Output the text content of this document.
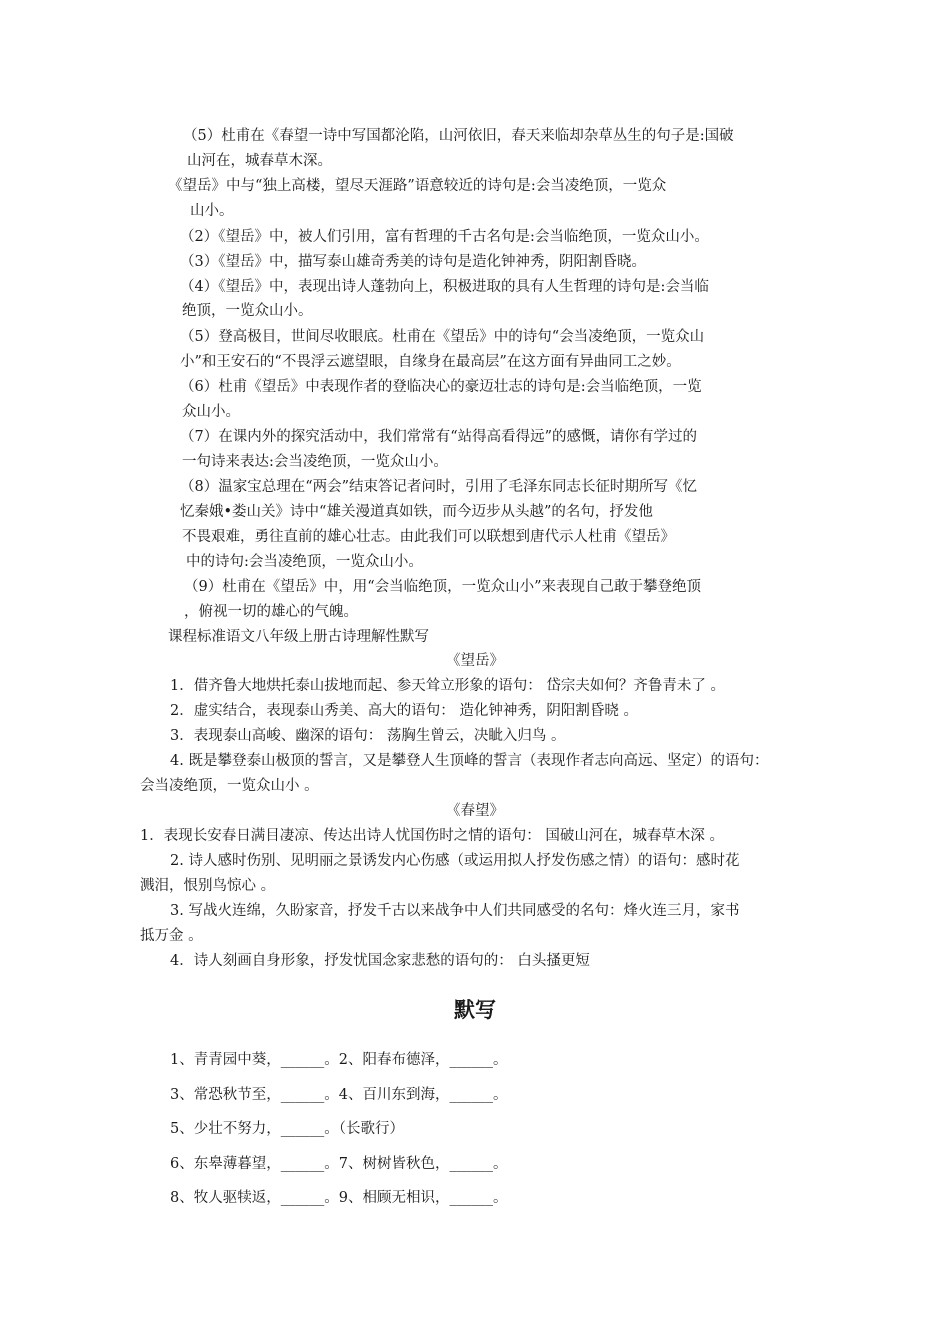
（5）杜甫在《春望一诗中写国都沦陷，山河依旧，春天来临却杂草丛生的句子是:国破
山河在，城春草木深。
《望岳》中与“独上高楼，望尽天涯路”语意较近的诗句是:会当凌绝顶，一览众
山小。
（2）《望岳》中，被人们引用，富有哲理的千古名句是:会当临绝顶，一览众山小。
（3）《望岳》中，描写泰山雄奇秀美的诗句是造化钟神秀，阴阳割昏晓。
（4）《望岳》中，表现出诗人蓬勃向上，积极进取的具有人生哲理的诗句是:会当临
绝顶，一览众山小。
（5）登高极目，世间尽收眼底。杜甫在《望岳》中的诗句“会当凌绝顶，一览众山
小”和王安石的“不畏浮云遮望眼，自缘身在最高层”在这方面有异曲同工之妙。
（6）杜甫《望岳》中表现作者的登临决心的豪迈壮志的诗句是:会当临绝顶，一览
众山小。
（7）在课内外的探究活动中，我们常常有“站得高看得远”的感慨，请你有学过的
一句诗来表达:会当凌绝顶，一览众山小。
（8）温家宝总理在“两会”结束答记者问时，引用了毛泽东同志长征时期所写《忆
忆秦娥•娄山关》诗中“雄关漫道真如铁，而今迈步从头越”的名句，抒发他
不畏艰难，勇往直前的雄心壮志。由此我们可以联想到唐代示人杜甫《望岳》
中的诗句:会当凌绝顶，一览众山小。
（9）杜甫在《望岳》中，用“会当临绝顶，一览众山小”来表现自己敢于攀登绝顶
，俯视一切的雄心的气魄。
课程标准语文八年级上册古诗理解性默写
《望岳》
1．借齐鲁大地烘托泰山拔地而起、参天耸立形象的语句： 岱宗夫如何？齐鲁青未了 。
2．虚实结合，表现泰山秀美、高大的语句： 造化钟神秀，阴阳割昏晓 。
3．表现泰山高峻、幽深的语句： 荡胸生曾云，决眦入归鸟 。
4. 既是攀登泰山极顶的誓言，又是攀登人生顶峰的誓言（表现作者志向高远、坚定）的语句：
会当凌绝顶，一览众山小 。
《春望》
1．表现长安春日满目凄凉、传达出诗人忧国伤时之情的语句： 国破山河在，城春草木深 。
2. 诗人感时伤别、见明丽之景诱发内心伤感（或运用拟人抒发伤感之情）的语句：感时花
溅泪，恨别鸟惊心 。
3. 写战火连绵，久盼家音，抒发千古以来战争中人们共同感受的名句：烽火连三月，家书
抵万金 。
4．诗人刻画自身形象，抒发忧国念家悲愁的语句的： 白头搔更短
默写
1、青青园中葵，______。2、阳春布德泽，______。
3、常恐秋节至，______。4、百川东到海，______。
5、少壮不努力，______。（长歌行）
6、东皋薄暮望，______。7、树树皆秋色，______。
8、牧人驱犊返，______。9、相顾无相识，______。
